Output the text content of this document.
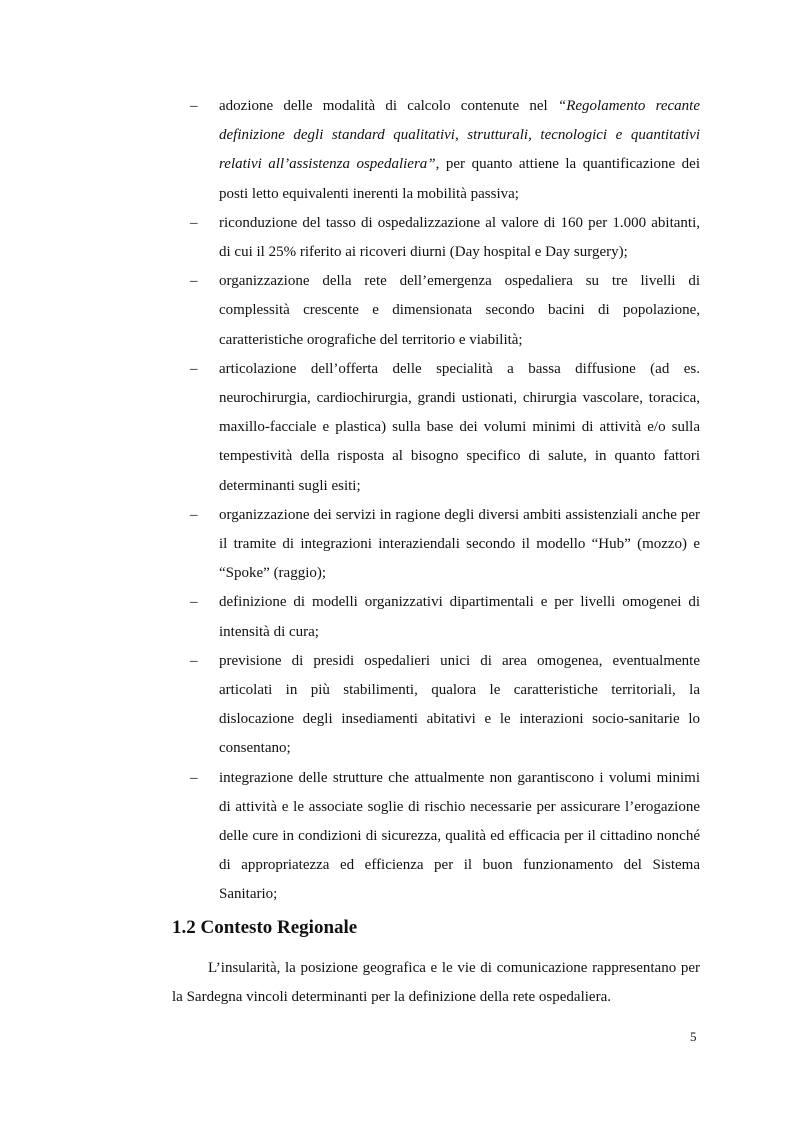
–	adozione delle modalità di calcolo contenute nel “Regolamento recante definizione degli standard qualitativi, strutturali, tecnologici e quantitativi relativi all’assistenza ospedaliera”, per quanto attiene la quantificazione dei posti letto equivalenti inerenti la mobilità passiva;
–	riconduzione del tasso di ospedalizzazione al valore di 160 per 1.000 abitanti, di cui il 25% riferito ai ricoveri diurni (Day hospital e Day surgery);
–	organizzazione della rete dell’emergenza ospedaliera su tre livelli di complessità crescente e dimensionata secondo bacini di popolazione, caratteristiche orografiche del territorio e viabilità;
–	articolazione dell’offerta delle specialità a bassa diffusione (ad es. neurochirurgia, cardiochirurgia, grandi ustionati, chirurgia vascolare, toracica, maxillo-facciale e plastica) sulla base dei volumi minimi di attività e/o sulla tempestività della risposta al bisogno specifico di salute, in quanto fattori determinanti sugli esiti;
–	organizzazione dei servizi in ragione degli diversi ambiti assistenziali anche per il tramite di integrazioni interaziendali secondo il modello “Hub” (mozzo) e “Spoke” (raggio);
–	definizione di modelli organizzativi dipartimentali e per livelli omogenei di intensità di cura;
–	previsione di presidi ospedalieri unici di area omogenea, eventualmente articolati in più stabilimenti, qualora le caratteristiche territoriali, la dislocazione degli insediamenti abitativi e le interazioni socio-sanitarie lo consentano;
–	integrazione delle strutture che attualmente non garantiscono i volumi minimi di attività e le associate soglie di rischio necessarie per assicurare l’erogazione delle cure in condizioni di sicurezza, qualità ed efficacia per il cittadino nonché di appropriatezza ed efficienza per il buon funzionamento del Sistema Sanitario;
1.2 Contesto Regionale

L’insularità, la posizione geografica e le vie di comunicazione rappresentano per la Sardegna vincoli determinanti per la definizione della rete ospedaliera.

5
